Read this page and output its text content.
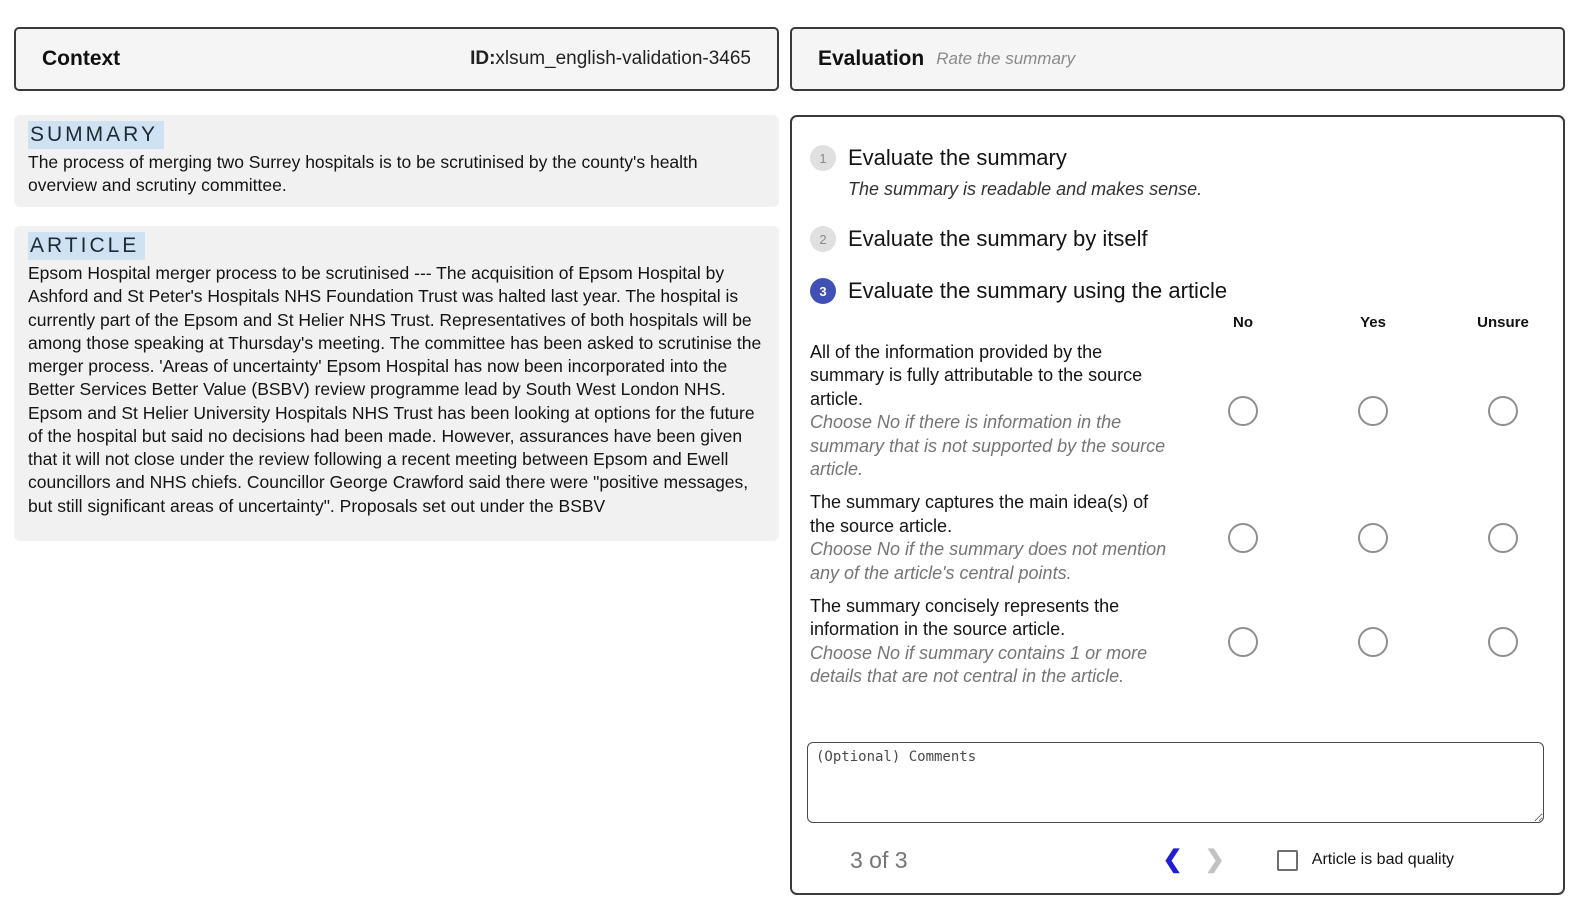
Context	ID:xlsum_english-validation-3465
SUMMARY
The process of merging two Surrey hospitals is to be scrutinised by the county's health overview and scrutiny committee.
ARTICLE
Epsom Hospital merger process to be scrutinised --- The acquisition of Epsom Hospital by Ashford and St Peter's Hospitals NHS Foundation Trust was halted last year. The hospital is currently part of the Epsom and St Helier NHS Trust. Representatives of both hospitals will be among those speaking at Thursday's meeting. The committee has been asked to scrutinise the merger process. 'Areas of uncertainty' Epsom Hospital has now been incorporated into the Better Services Better Value (BSBV) review programme lead by South West London NHS. Epsom and St Helier University Hospitals NHS Trust has been looking at options for the future of the hospital but said no decisions had been made. However, assurances have been given that it will not close under the review following a recent meeting between Epsom and Ewell councillors and NHS chiefs. Councillor George Crawford said there were "positive messages, but still significant areas of uncertainty". Proposals set out under the BSBV
Evaluation Rate the summary
1 Evaluate the summary
The summary is readable and makes sense.
2 Evaluate the summary by itself
3 Evaluate the summary using the article
No	Yes	Unsure
All of the information provided by the summary is fully attributable to the source article.
Choose No if there is information in the summary that is not supported by the source article.
The summary captures the main idea(s) of the source article.
Choose No if the summary does not mention any of the article's central points.
The summary concisely represents the information in the source article.
Choose No if summary contains 1 or more details that are not central in the article.
(Optional) Comments
3 of 3	❮ ❯	Article is bad quality
